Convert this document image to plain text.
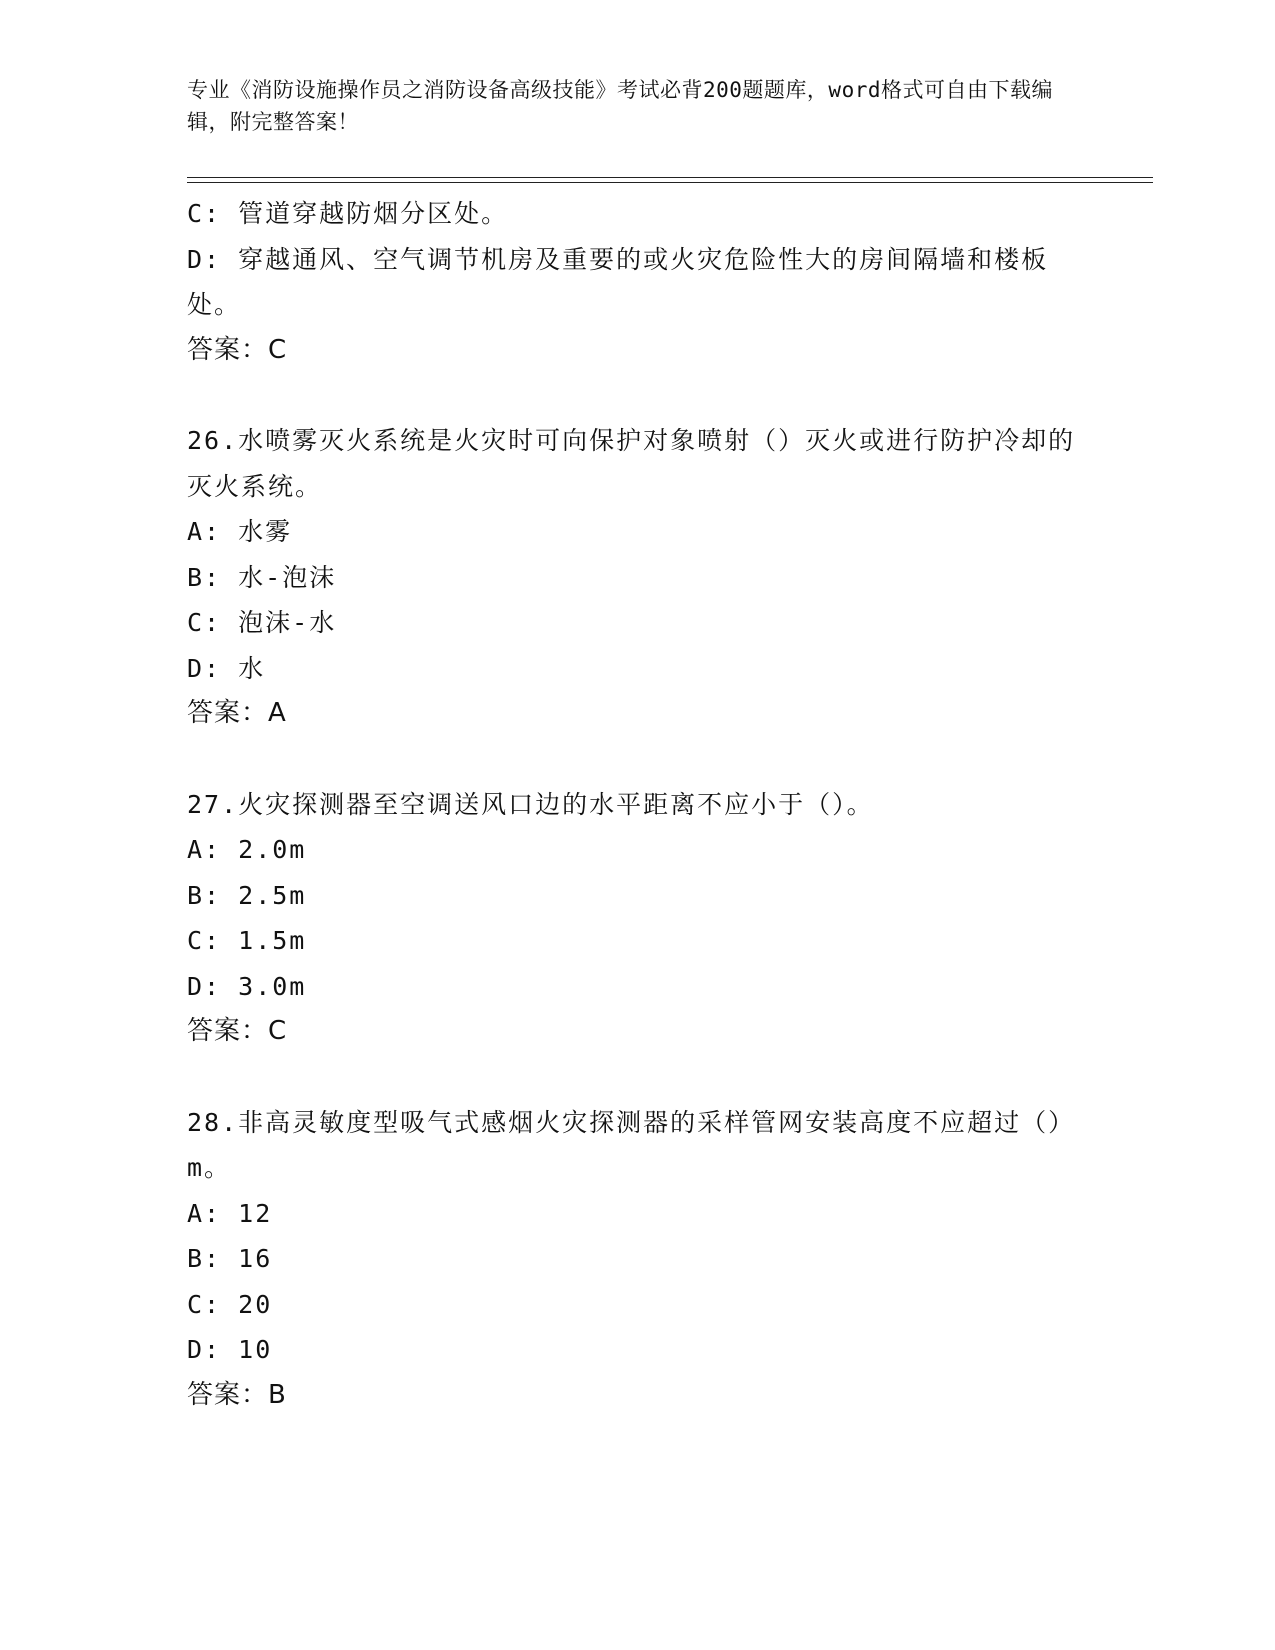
专业《消防设施操作员之消防设备高级技能》考试必背200题题库，word格式可自由下载编辑，附完整答案！
C: 管道穿越防烟分区处。
D: 穿越通风、空气调节机房及重要的或火灾危险性大的房间隔墙和楼板处。
答案：C
26.水喷雾灭火系统是火灾时可向保护对象喷射（）灭火或进行防护冷却的灭火系统。
A: 水雾
B: 水-泡沫
C: 泡沫-水
D: 水
答案：A
27.火灾探测器至空调送风口边的水平距离不应小于（）。
A: 2.0m
B: 2.5m
C: 1.5m
D: 3.0m
答案：C
28.非高灵敏度型吸气式感烟火灾探测器的采样管网安装高度不应超过（）m。
A: 12
B: 16
C: 20
D: 10
答案：B
